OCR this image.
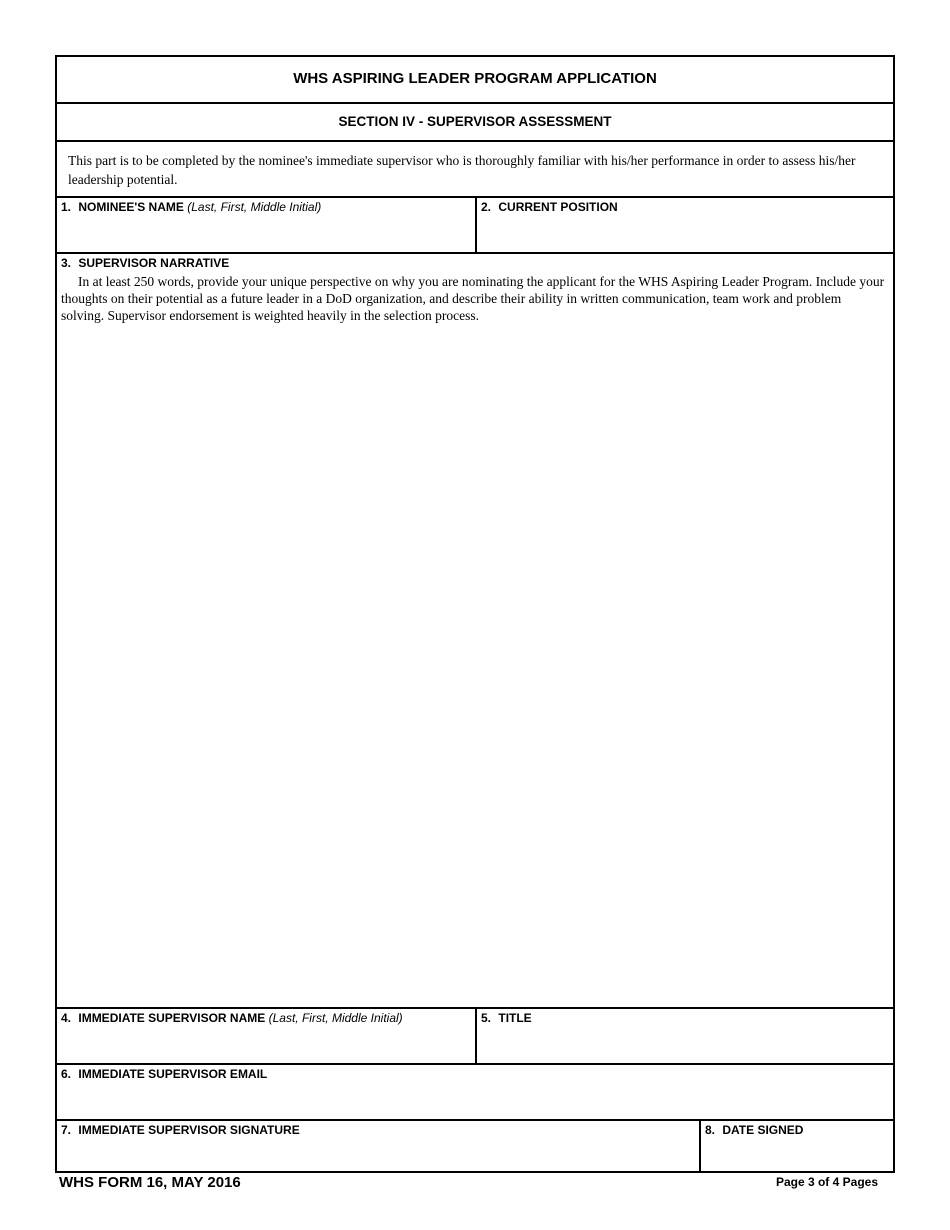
WHS ASPIRING LEADER PROGRAM APPLICATION
SECTION IV - SUPERVISOR ASSESSMENT
This part is to be completed by the nominee's immediate supervisor who is thoroughly familiar with his/her performance in order to assess his/her leadership potential.
1. NOMINEE'S NAME (Last, First, Middle Initial)	2. CURRENT POSITION
3. SUPERVISOR NARRATIVE
In at least 250 words, provide your unique perspective on why you are nominating the applicant for the WHS Aspiring Leader Program. Include your thoughts on their potential as a future leader in a DoD organization, and describe their ability in written communication, team work and problem solving. Supervisor endorsement is weighted heavily in the selection process.
4. IMMEDIATE SUPERVISOR NAME (Last, First, Middle Initial)	5. TITLE
6. IMMEDIATE SUPERVISOR EMAIL
7. IMMEDIATE SUPERVISOR SIGNATURE	8. DATE SIGNED
WHS FORM 16, MAY 2016	Page 3 of 4 Pages
